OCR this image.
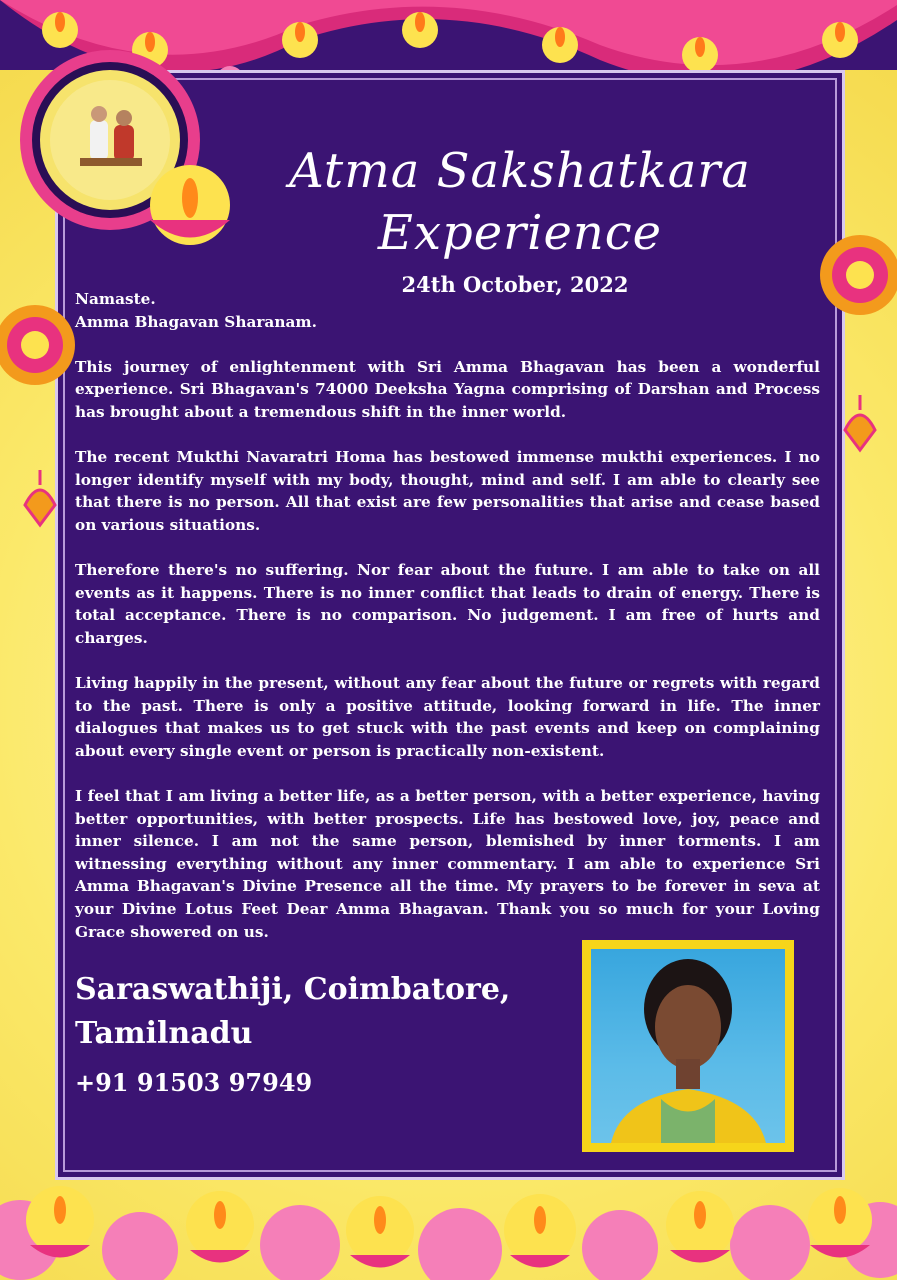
Atma Sakshatkara
Experience
24th October, 2022

Namaste.
Amma Bhagavan Sharanam.

This journey of enlightenment with Sri Amma Bhagavan has been a wonderful experience. Sri Bhagavan's 74000 Deeksha Yagna comprising of Darshan and Process has brought about a tremendous shift in the inner world.

The recent Mukthi Navaratri Homa has bestowed immense mukthi experiences. I no longer identify myself with my body, thought, mind and self. I am able to clearly see that there is no person. All that exist are few personalities that arise and cease based on various situations.

Therefore there's no suffering. Nor fear about the future. I am able to take on all events as it happens. There is no inner conflict that leads to drain of energy. There is total acceptance. There is no comparison. No judgement. I am free of hurts and charges.

Living happily in the present, without any fear about the future or regrets with regard to the past. There is only a positive attitude, looking forward in life. The inner dialogues that makes us to get stuck with the past events and keep on complaining about every single event or person is practically non-existent.

I feel that I am living a better life, as a better person, with a better experience, having better opportunities, with better prospects. Life has bestowed love, joy, peace and inner silence. I am not the same person, blemished by inner torments. I am witnessing everything without any inner commentary. I am able to experience Sri Amma Bhagavan's Divine Presence all the time. My prayers to be forever in seva at your Divine Lotus Feet Dear Amma Bhagavan. Thank you so much for your Loving Grace showered on us.

Saraswathiji, Coimbatore,
Tamilnadu
+91 91503 97949
